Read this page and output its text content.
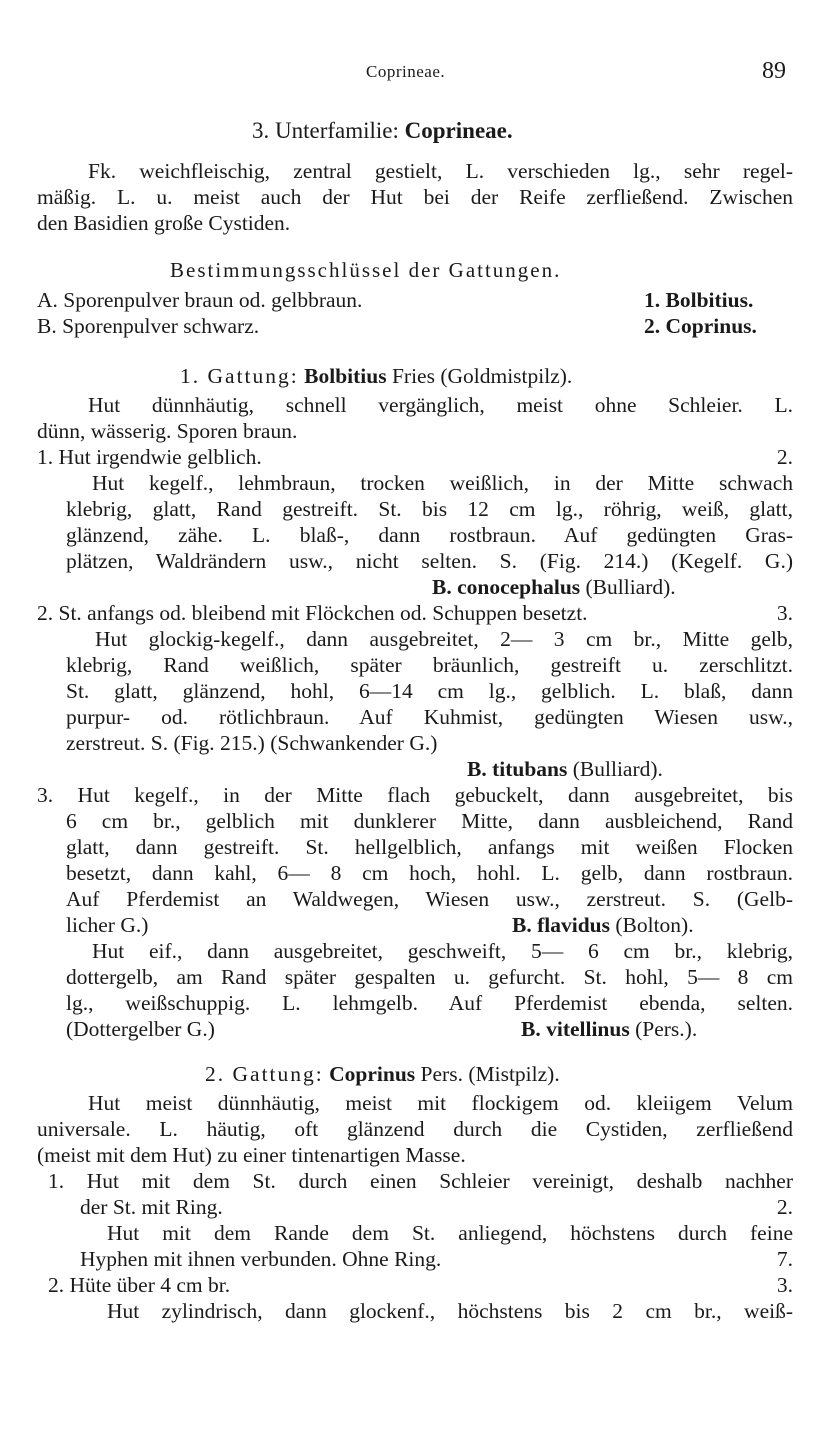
Coprineae.	89
3. Unterfamilie: Coprineae.
Fk. weichfleischig, zentral gestielt, L. verschieden lg., sehr regel-
mäßig. L. u. meist auch der Hut bei der Reife zerfließend. Zwischen
den Basidien große Cystiden.
Bestimmungsschlüssel der Gattungen.
A. Sporenpulver braun od. gelbbraun.	1. Bolbitius.
B. Sporenpulver schwarz.	2. Coprinus.
1. Gattung: Bolbitius Fries (Goldmistpilz).
Hut dünnhäutig, schnell vergänglich, meist ohne Schleier. L.
dünn, wässerig. Sporen braun.
1. Hut irgendwie gelblich.	2.
Hut kegelf., lehmbraun, trocken weißlich, in der Mitte schwach
klebrig, glatt, Rand gestreift. St. bis 12 cm lg., röhrig, weiß, glatt,
glänzend, zähe. L. blaß-, dann rostbraun. Auf gedüngten Gras-
plätzen, Waldrändern usw., nicht selten. S. (Fig. 214.) (Kegelf. G.)
B. conocephalus (Bulliard).
2. St. anfangs od. bleibend mit Flöckchen od. Schuppen besetzt.	3.
Hut glockig-kegelf., dann ausgebreitet, 2— 3 cm br., Mitte gelb,
klebrig, Rand weißlich, später bräunlich, gestreift u. zerschlitzt.
St. glatt, glänzend, hohl, 6—14 cm lg., gelblich. L. blaß, dann
purpur- od. rötlichbraun. Auf Kuhmist, gedüngten Wiesen usw.,
zerstreut. S. (Fig. 215.) (Schwankender G.)
B. titubans (Bulliard).
3. Hut kegelf., in der Mitte flach gebuckelt, dann ausgebreitet, bis
6 cm br., gelblich mit dunklerer Mitte, dann ausbleichend, Rand
glatt, dann gestreift. St. hellgelblich, anfangs mit weißen Flocken
besetzt, dann kahl, 6— 8 cm hoch, hohl. L. gelb, dann rostbraun.
Auf Pferdemist an Waldwegen, Wiesen usw., zerstreut. S. (Gelb-
licher G.)	B. flavidus (Bolton).
Hut eif., dann ausgebreitet, geschweift, 5— 6 cm br., klebrig,
dottergelb, am Rand später gespalten u. gefurcht. St. hohl, 5— 8 cm
lg., weißschuppig. L. lehmgelb. Auf Pferdemist ebenda, selten.
(Dottergelber G.)	B. vitellinus (Pers.).
2. Gattung: Coprinus Pers. (Mistpilz).
Hut meist dünnhäutig, meist mit flockigem od. kleiigem Velum
universale. L. häutig, oft glänzend durch die Cystiden, zerfließend
(meist mit dem Hut) zu einer tintenartigen Masse.
1. Hut mit dem St. durch einen Schleier vereinigt, deshalb nachher
der St. mit Ring.	2.
Hut mit dem Rande dem St. anliegend, höchstens durch feine
Hyphen mit ihnen verbunden. Ohne Ring.	7.
2. Hüte über 4 cm br.	3.
Hut zylindrisch, dann glockenf., höchstens bis 2 cm br., weiß-
